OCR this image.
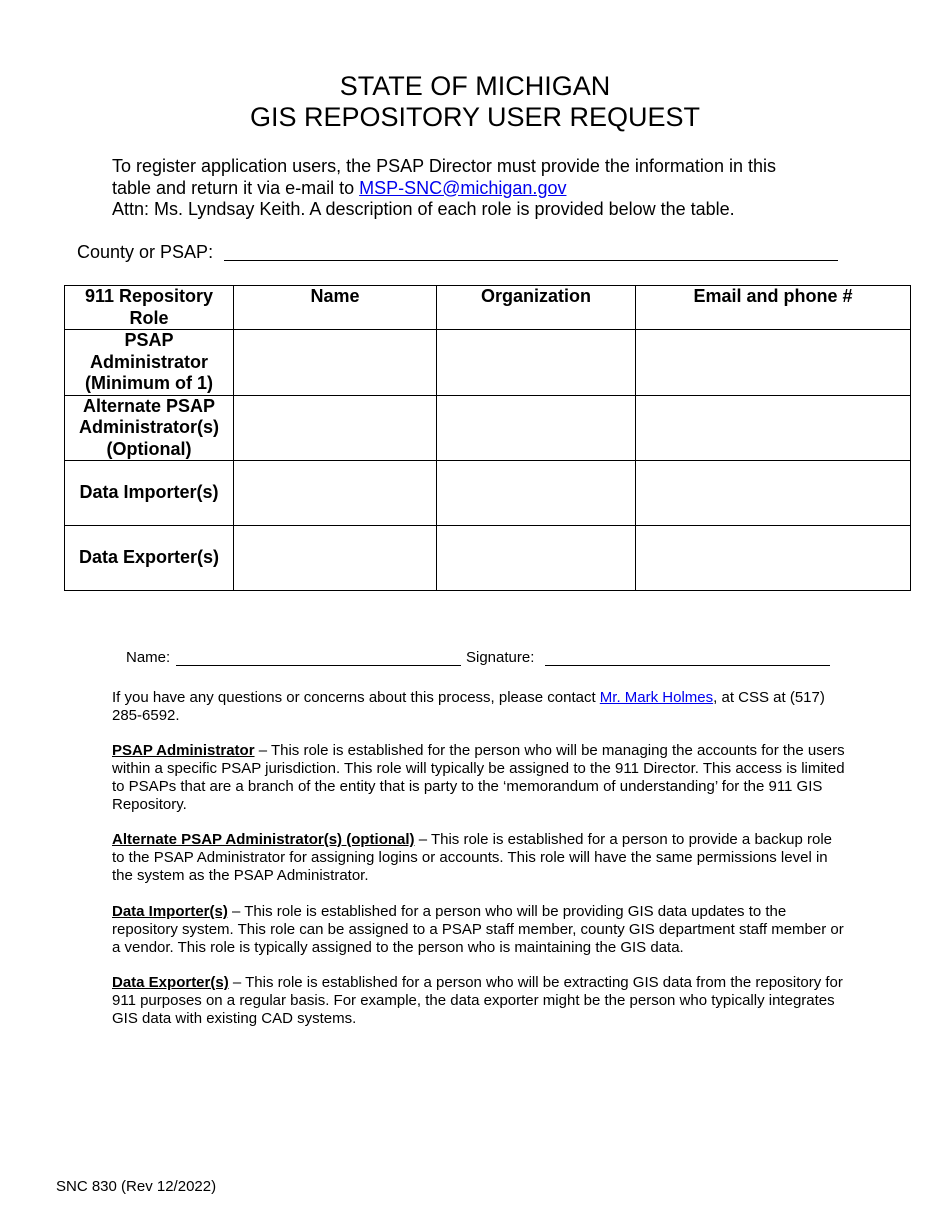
STATE OF MICHIGAN
GIS REPOSITORY USER REQUEST
To register application users, the PSAP Director must provide the information in this
table and return it via e-mail to MSP-SNC@michigan.gov
Attn: Ms. Lyndsay Keith. A description of each role is provided below the table.
County or PSAP:
911 Repository Role	Name	Organization	Email and phone #
PSAP Administrator (Minimum of 1)			
Alternate PSAP Administrator(s) (Optional)			
Data Importer(s)			
Data Exporter(s)			
Name:	Signature:
If you have any questions or concerns about this process, please contact Mr. Mark Holmes, at CSS at (517) 285-6592.
PSAP Administrator – This role is established for the person who will be managing the accounts for the users within a specific PSAP jurisdiction. This role will typically be assigned to the 911 Director. This access is limited to PSAPs that are a branch of the entity that is party to the ‘memorandum of understanding’ for the 911 GIS Repository.
Alternate PSAP Administrator(s) (optional) – This role is established for a person to provide a backup role to the PSAP Administrator for assigning logins or accounts. This role will have the same permissions level in the system as the PSAP Administrator.
Data Importer(s) – This role is established for a person who will be providing GIS data updates to the repository system. This role can be assigned to a PSAP staff member, county GIS department staff member or a vendor. This role is typically assigned to the person who is maintaining the GIS data.
Data Exporter(s) – This role is established for a person who will be extracting GIS data from the repository for 911 purposes on a regular basis. For example, the data exporter might be the person who typically integrates GIS data with existing CAD systems.
SNC 830 (Rev 12/2022)
